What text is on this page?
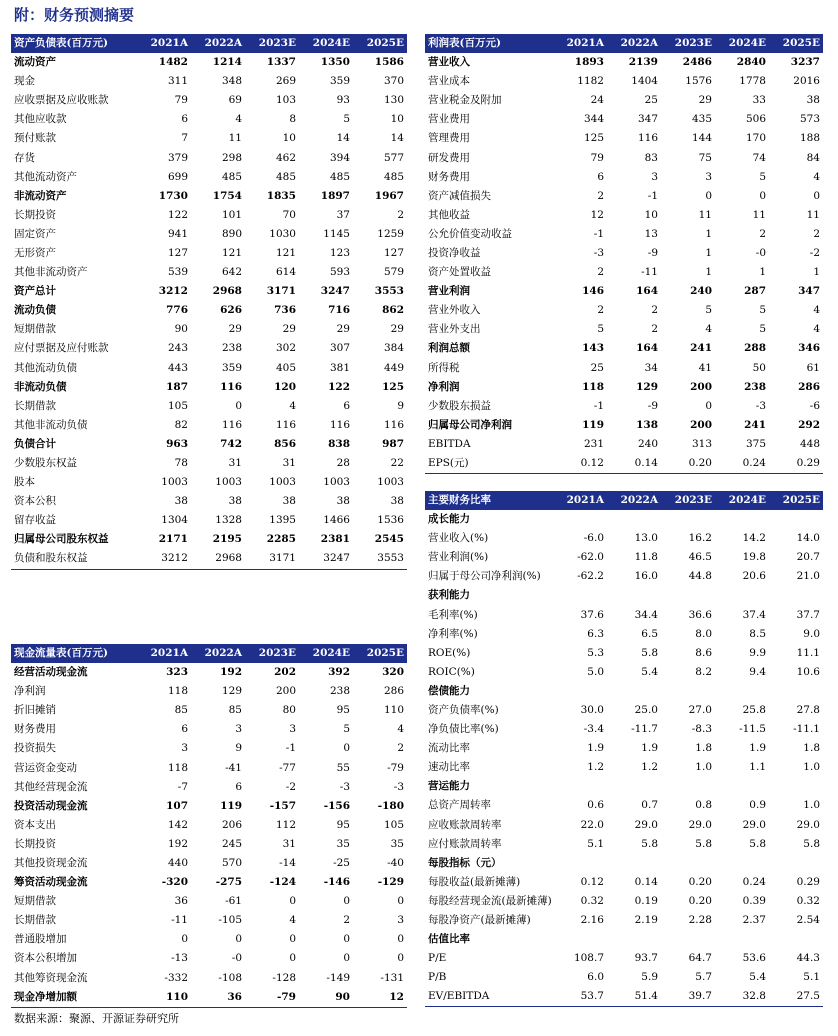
附：财务预测摘要
资产负债表(百万元)	2021A	2022A	2023E	2024E	2025E
流动资产	1482	1214	1337	1350	1586
现金	311	348	269	359	370
应收票据及应收账款	79	69	103	93	130
其他应收款	6	4	8	5	10
预付账款	7	11	10	14	14
存货	379	298	462	394	577
其他流动资产	699	485	485	485	485
非流动资产	1730	1754	1835	1897	1967
长期投资	122	101	70	37	2
固定资产	941	890	1030	1145	1259
无形资产	127	121	121	123	127
其他非流动资产	539	642	614	593	579
资产总计	3212	2968	3171	3247	3553
流动负债	776	626	736	716	862
短期借款	90	29	29	29	29
应付票据及应付账款	243	238	302	307	384
其他流动负债	443	359	405	381	449
非流动负债	187	116	120	122	125
长期借款	105	0	4	6	9
其他非流动负债	82	116	116	116	116
负债合计	963	742	856	838	987
少数股东权益	78	31	31	28	22
股本	1003	1003	1003	1003	1003
资本公积	38	38	38	38	38
留存收益	1304	1328	1395	1466	1536
归属母公司股东权益	2171	2195	2285	2381	2545
负债和股东权益	3212	2968	3171	3247	3553
利润表(百万元)	2021A	2022A	2023E	2024E	2025E
营业收入	1893	2139	2486	2840	3237
营业成本	1182	1404	1576	1778	2016
营业税金及附加	24	25	29	33	38
营业费用	344	347	435	506	573
管理费用	125	116	144	170	188
研发费用	79	83	75	74	84
财务费用	6	3	3	5	4
资产减值损失	2	-1	0	0	0
其他收益	12	10	11	11	11
公允价值变动收益	-1	13	1	2	2
投资净收益	-3	-9	1	-0	-2
资产处置收益	2	-11	1	1	1
营业利润	146	164	240	287	347
营业外收入	2	2	5	5	4
营业外支出	5	2	4	5	4
利润总额	143	164	241	288	346
所得税	25	34	41	50	61
净利润	118	129	200	238	286
少数股东损益	-1	-9	0	-3	-6
归属母公司净利润	119	138	200	241	292
EBITDA	231	240	313	375	448
EPS(元)	0.12	0.14	0.20	0.24	0.29
现金流量表(百万元)	2021A	2022A	2023E	2024E	2025E
经营活动现金流	323	192	202	392	320
净利润	118	129	200	238	286
折旧摊销	85	85	80	95	110
财务费用	6	3	3	5	4
投资损失	3	9	-1	0	2
营运资金变动	118	-41	-77	55	-79
其他经营现金流	-7	6	-2	-3	-3
投资活动现金流	107	119	-157	-156	-180
资本支出	142	206	112	95	105
长期投资	192	245	31	35	35
其他投资现金流	440	570	-14	-25	-40
筹资活动现金流	-320	-275	-124	-146	-129
短期借款	36	-61	0	0	0
长期借款	-11	-105	4	2	3
普通股增加	0	0	0	0	0
资本公积增加	-13	-0	0	0	0
其他筹资现金流	-332	-108	-128	-149	-131
现金净增加额	110	36	-79	90	12
主要财务比率	2021A	2022A	2023E	2024E	2025E
成长能力					
营业收入(%)	-6.0	13.0	16.2	14.2	14.0
营业利润(%)	-62.0	11.8	46.5	19.8	20.7
归属于母公司净利润(%)	-62.2	16.0	44.8	20.6	21.0
获利能力					
毛利率(%)	37.6	34.4	36.6	37.4	37.7
净利率(%)	6.3	6.5	8.0	8.5	9.0
ROE(%)	5.3	5.8	8.6	9.9	11.1
ROIC(%)	5.0	5.4	8.2	9.4	10.6
偿债能力					
资产负债率(%)	30.0	25.0	27.0	25.8	27.8
净负债比率(%)	-3.4	-11.7	-8.3	-11.5	-11.1
流动比率	1.9	1.9	1.8	1.9	1.8
速动比率	1.2	1.2	1.0	1.1	1.0
营运能力					
总资产周转率	0.6	0.7	0.8	0.9	1.0
应收账款周转率	22.0	29.0	29.0	29.0	29.0
应付账款周转率	5.1	5.8	5.8	5.8	5.8
每股指标（元）					
每股收益(最新摊薄)	0.12	0.14	0.20	0.24	0.29
每股经营现金流(最新摊薄)	0.32	0.19	0.20	0.39	0.32
每股净资产(最新摊薄)	2.16	2.19	2.28	2.37	2.54
估值比率					
P/E	108.7	93.7	64.7	53.6	44.3
P/B	6.0	5.9	5.7	5.4	5.1
EV/EBITDA	53.7	51.4	39.7	32.8	27.5
数据来源：聚源、开源证券研究所
